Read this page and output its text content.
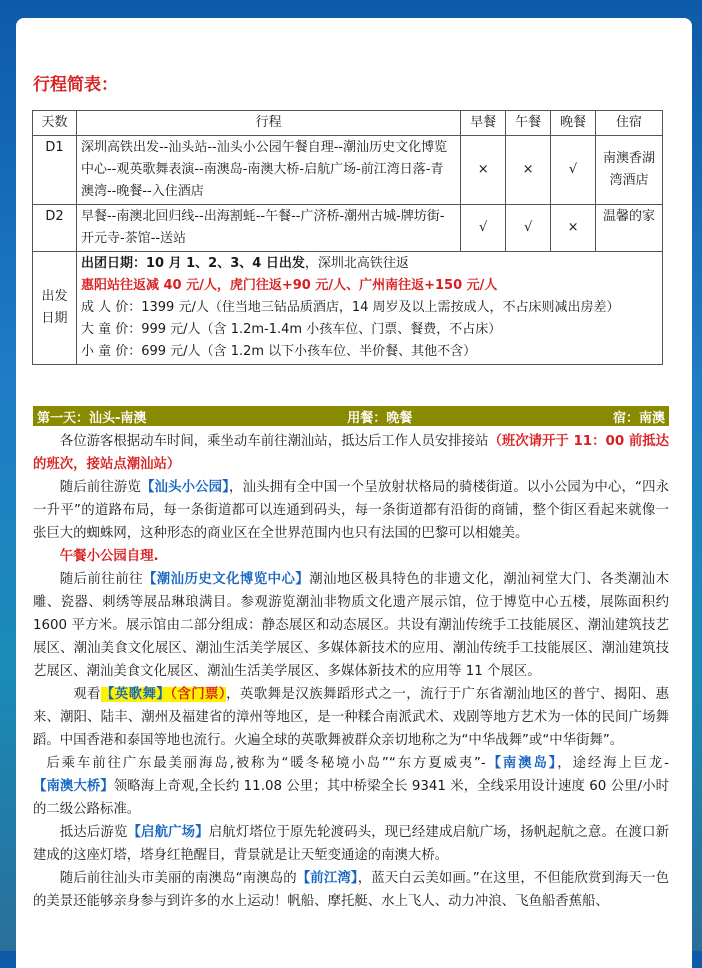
行程简表：
天数	行程	早餐	午餐	晚餐	住宿
D1	深圳高铁出发--汕头站--汕头小公园午餐自理--潮汕历史文化博览中心--观英歌舞表演--南澳岛-南澳大桥-启航广场-前江湾日落-青澳湾--晚餐--入住酒店	×	×	√	南澳香湖湾酒店
D2	早餐--南澳北回归线--出海割蚝--午餐--广济桥-潮州古城-牌坊街-开元寺-茶馆--送站	√	√	×	温馨的家
出发日期	出团日期：10 月 1、2、3、4 日出发，深圳北高铁往返
惠阳站往返减 40 元/人，虎门往返+90 元/人、广州南往返+150 元/人
成 人 价：1399 元/人（住当地三钻品质酒店，14 周岁及以上需按成人，不占床则减出房差）
大 童 价：999 元/人（含 1.2m-1.4m 小孩车位、门票、餐费，不占床）
小 童 价：699 元/人（含 1.2m 以下小孩车位、半价餐、其他不含）				
第一天：汕头-南澳	用餐：晚餐	宿：南澳

各位游客根据动车时间，乘坐动车前往潮汕站，抵达后工作人员安排接站（班次请开于 11：00 前抵达的班次，接站点潮汕站）

随后前往游览【汕头小公园】，汕头拥有全中国一个呈放射状格局的骑楼街道。以小公园为中心，“四永一升平”的道路布局，每一条街道都可以连通到码头，每一条街道都有沿街的商铺，整个街区看起来就像一张巨大的蜘蛛网，这种形态的商业区在全世界范围内也只有法国的巴黎可以相媲美。

午餐小公园自理.

随后前往前往【潮汕历史文化博览中心】潮汕地区极具特色的非遗文化，潮汕祠堂大门、各类潮汕木雕、瓷器、刺绣等展品琳琅满目。参观游览潮汕非物质文化遗产展示馆，位于博览中心五楼，展陈面积约 1600 平方米。展示馆由二部分组成：静态展区和动态展区。共设有潮汕传统手工技能展区、潮汕建筑技艺展区、潮汕美食文化展区、潮汕生活美学展区、多媒体新技术的应用、潮汕传统手工技能展区、潮汕建筑技艺展区、潮汕美食文化展区、潮汕生活美学展区、多媒体新技术的应用等 11 个展区。

观看【英歌舞】（含门票），英歌舞是汉族舞蹈形式之一，流行于广东省潮汕地区的普宁、揭阳、惠来、潮阳、陆丰、潮州及福建省的漳州等地区，是一种糅合南派武术、戏剧等地方艺术为一体的民间广场舞蹈。中国香港和泰国等地也流行。火遍全球的英歌舞被群众亲切地称之为“中华战舞”或“中华街舞”。

后乘车前往广东最美丽海岛,被称为“暖冬秘境小岛”“东方夏威夷”-【南澳岛】，途经海上巨龙-【南澳大桥】领略海上奇观,全长约 11.08 公里；其中桥梁全长 9341 米，全线采用设计速度 60 公里/小时的二级公路标准。

抵达后游览【启航广场】启航灯塔位于原先轮渡码头，现已经建成启航广场，扬帆起航之意。在渡口新建成的这座灯塔，塔身红艳醒目，背景就是让天堑变通途的南澳大桥。

随后前往汕头市美丽的南澳岛“南澳岛的【前江湾】，蓝天白云美如画。”在这里，不但能欣赏到海天一色的美景还能够亲身参与到许多的水上运动！帆船、摩托艇、水上飞人、动力冲浪、飞鱼船香蕉船、
